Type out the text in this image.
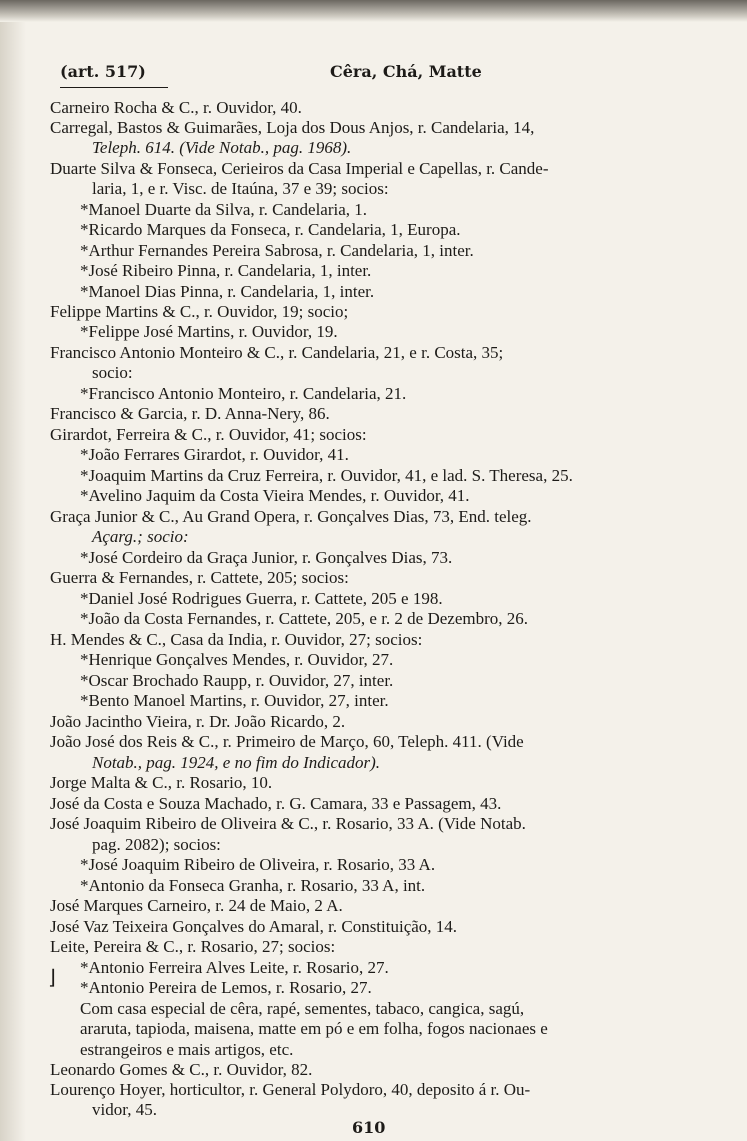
(art. 517)	Cêra, Chá, Matte
Carneiro Rocha & C., r. Ouvidor, 40.
Carregal, Bastos & Guimarães, Loja dos Dous Anjos, r. Candelaria, 14,
Teleph. 614. (Vide Notab., pag. 1968).
Duarte Silva & Fonseca, Cerieiros da Casa Imperial e Capellas, r. Cande-
laria, 1, e r. Visc. de Itaúna, 37 e 39; socios:
*Manoel Duarte da Silva, r. Candelaria, 1.
*Ricardo Marques da Fonseca, r. Candelaria, 1, Europa.
*Arthur Fernandes Pereira Sabrosa, r. Candelaria, 1, inter.
*José Ribeiro Pinna, r. Candelaria, 1, inter.
*Manoel Dias Pinna, r. Candelaria, 1, inter.
Felippe Martins & C., r. Ouvidor, 19; socio;
*Felippe José Martins, r. Ouvidor, 19.
Francisco Antonio Monteiro & C., r. Candelaria, 21, e r. Costa, 35;
socio:
*Francisco Antonio Monteiro, r. Candelaria, 21.
Francisco & Garcia, r. D. Anna-Nery, 86.
Girardot, Ferreira & C., r. Ouvidor, 41; socios:
*João Ferrares Girardot, r. Ouvidor, 41.
*Joaquim Martins da Cruz Ferreira, r. Ouvidor, 41, e lad. S. Theresa, 25.
*Avelino Jaquim da Costa Vieira Mendes, r. Ouvidor, 41.
Graça Junior & C., Au Grand Opera, r. Gonçalves Dias, 73, End. teleg.
Açarg.; socio:
*José Cordeiro da Graça Junior, r. Gonçalves Dias, 73.
Guerra & Fernandes, r. Cattete, 205; socios:
*Daniel José Rodrigues Guerra, r. Cattete, 205 e 198.
*João da Costa Fernandes, r. Cattete, 205, e r. 2 de Dezembro, 26.
H. Mendes & C., Casa da India, r. Ouvidor, 27; socios:
*Henrique Gonçalves Mendes, r. Ouvidor, 27.
*Oscar Brochado Raupp, r. Ouvidor, 27, inter.
*Bento Manoel Martins, r. Ouvidor, 27, inter.
João Jacintho Vieira, r. Dr. João Ricardo, 2.
João José dos Reis & C., r. Primeiro de Março, 60, Teleph. 411. (Vide
Notab., pag. 1924, e no fim do Indicador).
Jorge Malta & C., r. Rosario, 10.
José da Costa e Souza Machado, r. G. Camara, 33 e Passagem, 43.
José Joaquim Ribeiro de Oliveira & C., r. Rosario, 33 A. (Vide Notab.
pag. 2082); socios:
*José Joaquim Ribeiro de Oliveira, r. Rosario, 33 A.
*Antonio da Fonseca Granha, r. Rosario, 33 A, int.
José Marques Carneiro, r. 24 de Maio, 2 A.
José Vaz Teixeira Gonçalves do Amaral, r. Constituição, 14.
Leite, Pereira & C., r. Rosario, 27; socios:
*Antonio Ferreira Alves Leite, r. Rosario, 27.
*Antonio Pereira de Lemos, r. Rosario, 27.
⌋
Com casa especial de cêra, rapé, sementes, tabaco, cangica, sagú,
araruta, tapioda, maisena, matte em pó e em folha, fogos nacionaes e
estrangeiros e mais artigos, etc.
Leonardo Gomes & C., r. Ouvidor, 82.
Lourenço Hoyer, horticultor, r. General Polydoro, 40, deposito á r. Ou-
vidor, 45.
610
